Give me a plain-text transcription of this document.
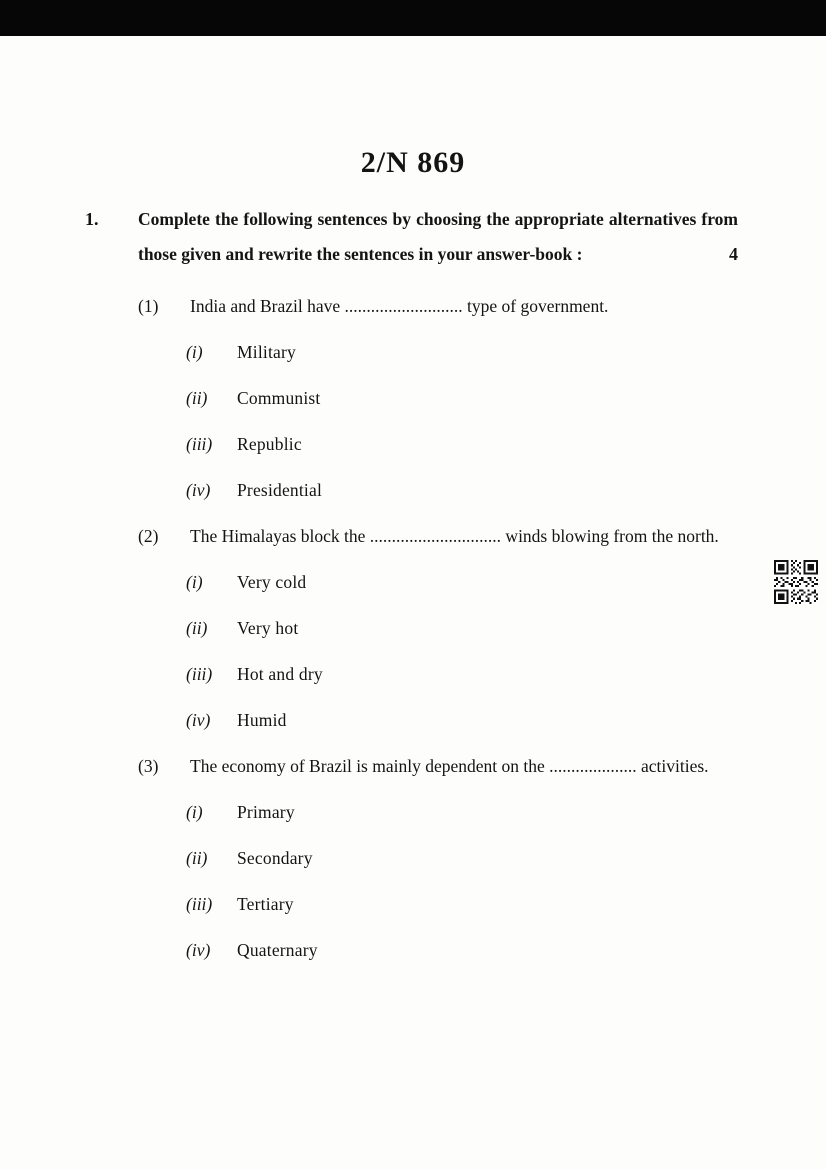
2/N 869
1.	Complete the following sentences by choosing the appropriate alternatives from those given and rewrite the sentences in your answer-book :	4
(1) India and Brazil have ........................... type of government.
(i) Military
(ii) Communist
(iii) Republic
(iv) Presidential
(2) The Himalayas block the .............................. winds blowing from the north.
(i) Very cold
(ii) Very hot
(iii) Hot and dry
(iv) Humid
(3) The economy of Brazil is mainly dependent on the .................... activities.
(i) Primary
(ii) Secondary
(iii) Tertiary
(iv) Quaternary
